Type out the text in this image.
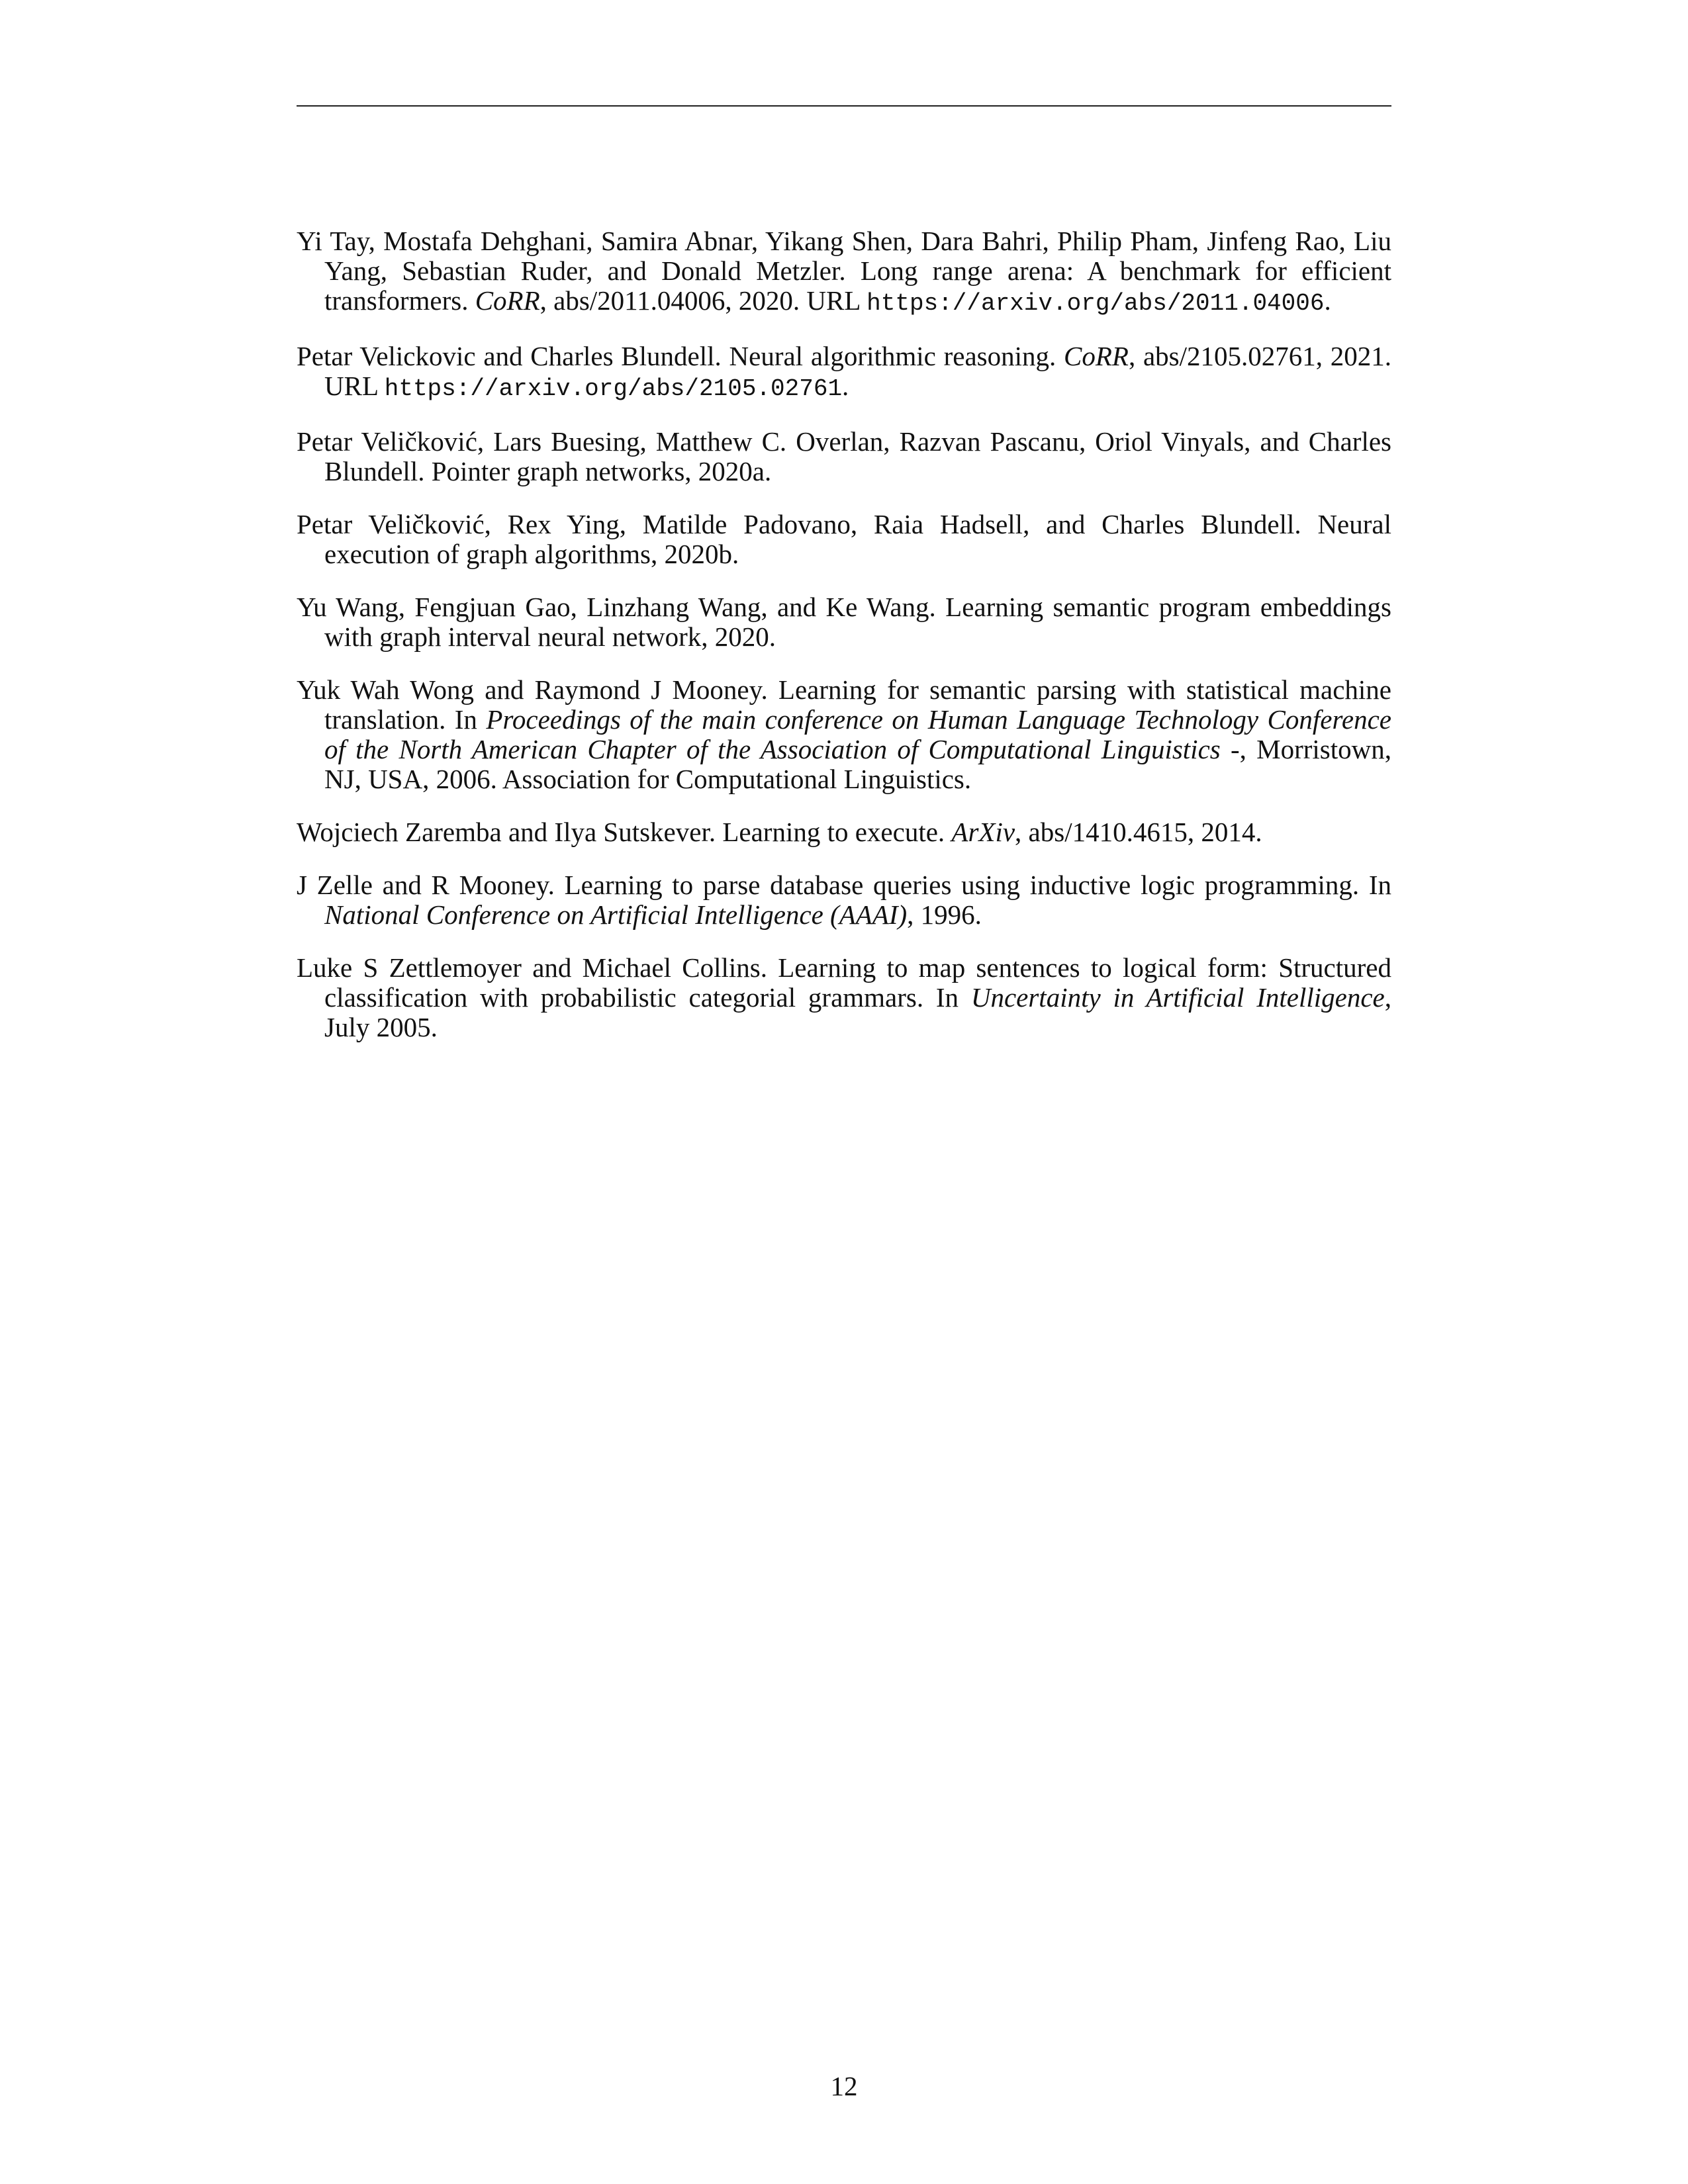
Yi Tay, Mostafa Dehghani, Samira Abnar, Yikang Shen, Dara Bahri, Philip Pham, Jinfeng Rao, Liu Yang, Sebastian Ruder, and Donald Metzler. Long range arena: A benchmark for efficient transformers. CoRR, abs/2011.04006, 2020. URL https://arxiv.org/abs/2011.04006.

Petar Velickovic and Charles Blundell. Neural algorithmic reasoning. CoRR, abs/2105.02761, 2021. URL https://arxiv.org/abs/2105.02761.

Petar Veličković, Lars Buesing, Matthew C. Overlan, Razvan Pascanu, Oriol Vinyals, and Charles Blundell. Pointer graph networks, 2020a.

Petar Veličković, Rex Ying, Matilde Padovano, Raia Hadsell, and Charles Blundell. Neural execution of graph algorithms, 2020b.

Yu Wang, Fengjuan Gao, Linzhang Wang, and Ke Wang. Learning semantic program embeddings with graph interval neural network, 2020.

Yuk Wah Wong and Raymond J Mooney. Learning for semantic parsing with statistical machine translation. In Proceedings of the main conference on Human Language Technology Conference of the North American Chapter of the Association of Computational Linguistics -, Morristown, NJ, USA, 2006. Association for Computational Linguistics.

Wojciech Zaremba and Ilya Sutskever. Learning to execute. ArXiv, abs/1410.4615, 2014.

J Zelle and R Mooney. Learning to parse database queries using inductive logic programming. In National Conference on Artificial Intelligence (AAAI), 1996.

Luke S Zettlemoyer and Michael Collins. Learning to map sentences to logical form: Structured classification with probabilistic categorial grammars. In Uncertainty in Artificial Intelligence, July 2005.

12
